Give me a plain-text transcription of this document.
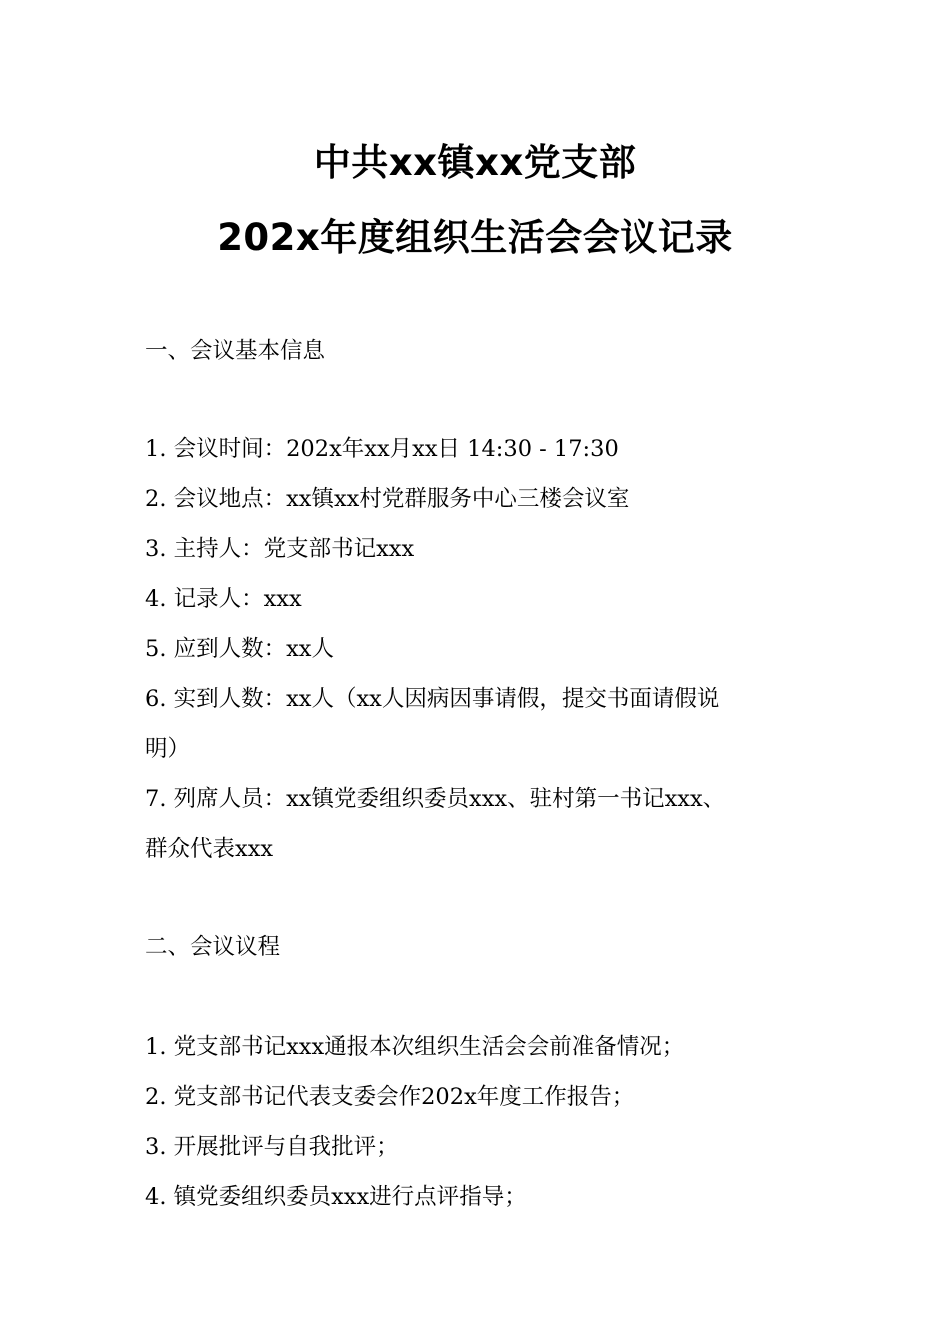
中共xx镇xx党支部
202x年度组织生活会会议记录
一、会议基本信息
1. 会议时间：202x年xx月xx日 14:30 - 17:30
2. 会议地点：xx镇xx村党群服务中心三楼会议室
3. 主持人：党支部书记xxx
4. 记录人：xxx
5. 应到人数：xx人
6. 实到人数：xx人（xx人因病因事请假，提交书面请假说
明）
7. 列席人员：xx镇党委组织委员xxx、驻村第一书记xxx、
群众代表xxx
二、会议议程
1. 党支部书记xxx通报本次组织生活会会前准备情况；
2. 党支部书记代表支委会作202x年度工作报告；
3. 开展批评与自我批评；
4. 镇党委组织委员xxx进行点评指导；
